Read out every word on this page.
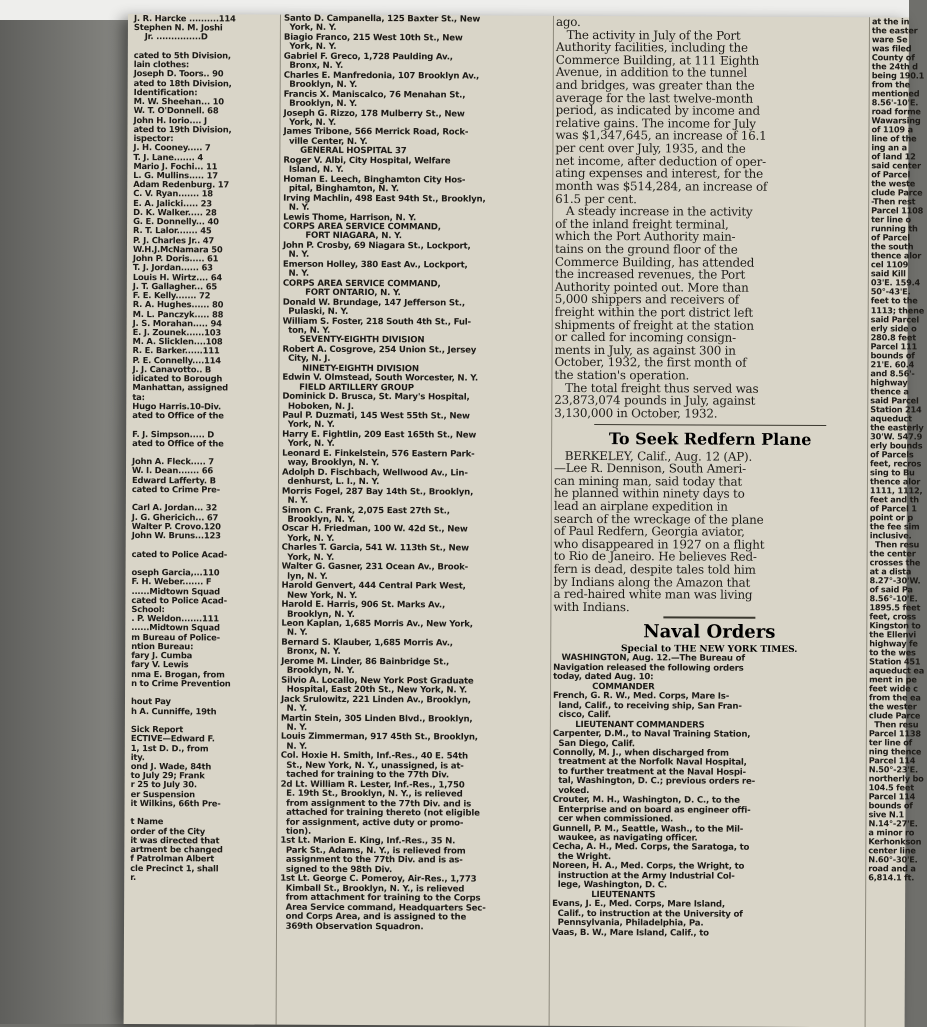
J. R. Harcke ..........114
Stephen N. M. Joshi
Jr. ...............D

cated to 5th Division,
lain clothes:
Joseph D. Toors.. 90
ated to 18th Division,
Identification:
M. W. Sheehan... 10
W. T. O'Donnell. 68
John H. Iorio.... J
ated to 19th Division,
ispector:
J. H. Cooney..... 7
T. J. Lane....... 4
Mario J. Fochi... 11
L. G. Mullins..... 17
Adam Redenburg. 17
C. V. Ryan....... 18
E. A. Jalicki..... 23
D. K. Walker..... 28
G. E. Donnelly... 40
R. T. Lalor....... 45
P. J. Charles Jr.. 47
W.H.J.McNamara 50
John P. Doris..... 61
T. J. Jordan...... 63
Louis H. Wirtz.... 64
J. T. Gallagher... 65
F. E. Kelly....... 72
R. A. Hughes...... 80
M. L. Panczyk..... 88
J. S. Morahan..... 94
E. J. Zounek......103
M. A. Slicklen....108
R. E. Barker......111
P. E. Connelly....114
J. J. Canavotto.. B
idicated to Borough
Manhattan, assigned
ta:
Hugo Harris.10-Div.
ated to Office of the

F. J. Simpson..... D
ated to Office of the

John A. Fleck..... 7
W. I. Dean....... 66
Edward Lafferty. B
cated to Crime Pre-

Carl A. Jordan... 32
J. G. Ghericich... 67
Walter P. Crovo.120
John W. Bruns...123

cated to Police Acad-

oseph Garcia,...110
F. H. Weber....... F
......Midtown Squad
cated to Police Acad-
School:
. P. Weldon.......111
......Midtown Squad
m Bureau of Police-
ntion Bureau:
fary J. Cumba
fary V. Lewis
nma E. Brogan, from
n to Crime Prevention

hout Pay
h A. Cunniffe, 19th

Sick Report
ECTIVE—Edward F.
1, 1st D. D., from
ity.
ond J. Wade, 84th
to July 29; Frank
r 25 to July 30.
er Suspension
it Wilkins, 66th Pre-

t Name
order of the City
it was directed that
artment be changed
f Patrolman Albert
cle Precinct 1, shall
r.
Santo D. Campanella, 125 Baxter St., New
York, N. Y.
Biagio Franco, 215 West 10th St., New
York, N. Y.
Gabriel F. Greco, 1,728 Paulding Av.,
Bronx, N. Y.
Charles E. Manfredonia, 107 Brooklyn Av.,
Brooklyn, N. Y.
Francis X. Maniscalco, 76 Menahan St.,
Brooklyn, N. Y.
Joseph G. Rizzo, 178 Mulberry St., New
York, N. Y.
James Tribone, 566 Merrick Road, Rock-
ville Center, N. Y.
GENERAL HOSPITAL 37
Roger V. Albi, City Hospital, Welfare
Island, N. Y.
Homan E. Leech, Binghamton City Hos-
pital, Binghamton, N. Y.
Irving Machlin, 498 East 94th St., Brooklyn,
N. Y.
Lewis Thome, Harrison, N. Y.
CORPS AREA SERVICE COMMAND,
FORT NIAGARA, N. Y.
John P. Crosby, 69 Niagara St., Lockport,
N. Y.
Emerson Holley, 380 East Av., Lockport,
N. Y.
CORPS AREA SERVICE COMMAND,
FORT ONTARIO, N. Y.
Donald W. Brundage, 147 Jefferson St.,
Pulaski, N. Y.
William S. Foster, 218 South 4th St., Ful-
ton, N. Y.
SEVENTY-EIGHTH DIVISION
Robert A. Cosgrove, 254 Union St., Jersey
City, N. J.
NINETY-EIGHTH DIVISION
Edwin V. Olmstead, South Worcester, N. Y.
FIELD ARTILLERY GROUP
Dominick D. Brusca, St. Mary's Hospital,
Hoboken, N. J.
Paul P. Duzmati, 145 West 55th St., New
York, N. Y.
Harry E. Fightlin, 209 East 165th St., New
York, N. Y.
Leonard E. Finkelstein, 576 Eastern Park-
way, Brooklyn, N. Y.
Adolph D. Fischbach, Wellwood Av., Lin-
denhurst, L. I., N. Y.
Morris Fogel, 287 Bay 14th St., Brooklyn,
N. Y.
Simon C. Frank, 2,075 East 27th St.,
Brooklyn, N. Y.
Oscar H. Friedman, 100 W. 42d St., New
York, N. Y.
Charles T. Garcia, 541 W. 113th St., New
York, N. Y.
Walter G. Gasner, 231 Ocean Av., Brook-
lyn, N. Y.
Harold Genvert, 444 Central Park West,
New York, N. Y.
Harold E. Harris, 906 St. Marks Av.,
Brooklyn, N. Y.
Leon Kaplan, 1,685 Morris Av., New York,
N. Y.
Bernard S. Klauber, 1,685 Morris Av.,
Bronx, N. Y.
Jerome M. Linder, 86 Bainbridge St.,
Brooklyn, N. Y.
Silvio A. Locallo, New York Post Graduate
Hospital, East 20th St., New York, N. Y.
Jack Srulowitz, 221 Linden Av., Brooklyn,
N. Y.
Martin Stein, 305 Linden Blvd., Brooklyn,
N. Y.
Louis Zimmerman, 917 45th St., Brooklyn,
N. Y.
Col. Hoxie H. Smith, Inf.-Res., 40 E. 54th
St., New York, N. Y., unassigned, is at-
tached for training to the 77th Div.
2d Lt. William R. Lester, Inf.-Res., 1,750
E. 19th St., Brooklyn, N. Y., is relieved
from assignment to the 77th Div. and is
attached for training thereto (not eligible
for assignment, active duty or promo-
tion).
1st Lt. Marion E. King, Inf.-Res., 35 N.
Park St., Adams, N. Y., is relieved from
assignment to the 77th Div. and is as-
signed to the 98th Div.
1st Lt. George C. Pomeroy, Air-Res., 1,773
Kimball St., Brooklyn, N. Y., is relieved
from attachment for training to the Corps
Area Service command, Headquarters Sec-
ond Corps Area, and is assigned to the
369th Observation Squadron.
ago.
The activity in July of the Port
Authority facilities, including the
Commerce Building, at 111 Eighth
Avenue, in addition to the tunnel
and bridges, was greater than the
average for the last twelve-month
period, as indicated by income and
relative gains. The income for July
was $1,347,645, an increase of 16.1
per cent over July, 1935, and the
net income, after deduction of oper-
ating expenses and interest, for the
month was $514,284, an increase of
61.5 per cent.
A steady increase in the activity
of the inland freight terminal,
which the Port Authority main-
tains on the ground floor of the
Commerce Building, has attended
the increased revenues, the Port
Authority pointed out. More than
5,000 shippers and receivers of
freight within the port district left
shipments of freight at the station
or called for incoming consign-
ments in July, as against 300 in
October, 1932, the first month of
the station's operation.
The total freight thus served was
23,873,074 pounds in July, against
3,130,000 in October, 1932.
To Seek Redfern Plane
BERKELEY, Calif., Aug. 12 (AP).
—Lee R. Dennison, South Ameri-
can mining man, said today that
he planned within ninety days to
lead an airplane expedition in
search of the wreckage of the plane
of Paul Redfern, Georgia aviator,
who disappeared in 1927 on a flight
to Rio de Janeiro. He believes Red-
fern is dead, despite tales told him
by Indians along the Amazon that
a red-haired white man was living
with Indians.
Naval Orders
Special to THE NEW YORK TIMES.
WASHINGTON, Aug. 12.—The Bureau of
Navigation released the following orders
today, dated Aug. 10:
COMMANDER
French, G. R. W., Med. Corps, Mare Is-
land, Calif., to receiving ship, San Fran-
cisco, Calif.
LIEUTENANT COMMANDERS
Carpenter, D.M., to Naval Training Station,
San Diego, Calif.
Connolly, M. J., when discharged from
treatment at the Norfolk Naval Hospital,
to further treatment at the Naval Hospi-
tal, Washington, D. C.; previous orders re-
voked.
Crouter, M. H., Washington, D. C., to the
Enterprise and on board as engineer offi-
cer when commissioned.
Gunnell, P. M., Seattle, Wash., to the Mil-
waukee, as navigating officer.
Cecha, A. H., Med. Corps, the Saratoga, to
the Wright.
Noreen, H. A., Med. Corps, the Wright, to
instruction at the Army Industrial Col-
lege, Washington, D. C.
LIEUTENANTS
Evans, J. E., Med. Corps, Mare Island,
Calif., to instruction at the University of
Pennsylvania, Philadelphia, Pa.
Vaas, B. W., Mare Island, Calif., to
at the in
the easter
ware Se
was filed
County of
the 24th d
being 190.1
from the
mentioned
8.56'-10'E.
road forme
Wawarsing
of 1109 a
line of the
ing an a
of land 12
said center
of Parcel
the weste
clude Parce
-Then rest
Parcel 1108
ter line o
running th
of Parcel
the south
thence alor
cel 1109
said Kill
03'E. 159.4
50°-43'E.
feet to the
1113; thene
said Parcel
erly side o
280.8 feet
Parcel 111
bounds of
21'E. 60.4
and 8.56'-
highway
thence a
said Parcel
Station 214
aqueduct
the easterly
30'W. 547.9
erly bounds
of Parcels
feet, recros
sing to Bu
thence alor
1111, 1112,
feet and th
of Parcel 1
point or p
the fee sim
inclusive.
Then resu
the center
crosses the
at a dista
8.27°-30'W.
of said Pa
8.56°-10'E.
1895.5 feet
feet, cross
Kingston to
the Ellenvi
highway fe
to the wes
Station 451
aqueduct ea
ment in pe
feet wide c
from the ea
the wester
clude Parce
Then resu
Parcel 1138
ter line of
ning thence
Parcel 114
N.50°-23'E.
northerly bo
104.5 feet
Parcel 114
bounds of
sive N.1
N.14°-27'E.
a minor ro
Kerhonkson
center line
N.60°-30'E.
road and a
6,814.1 ft.
